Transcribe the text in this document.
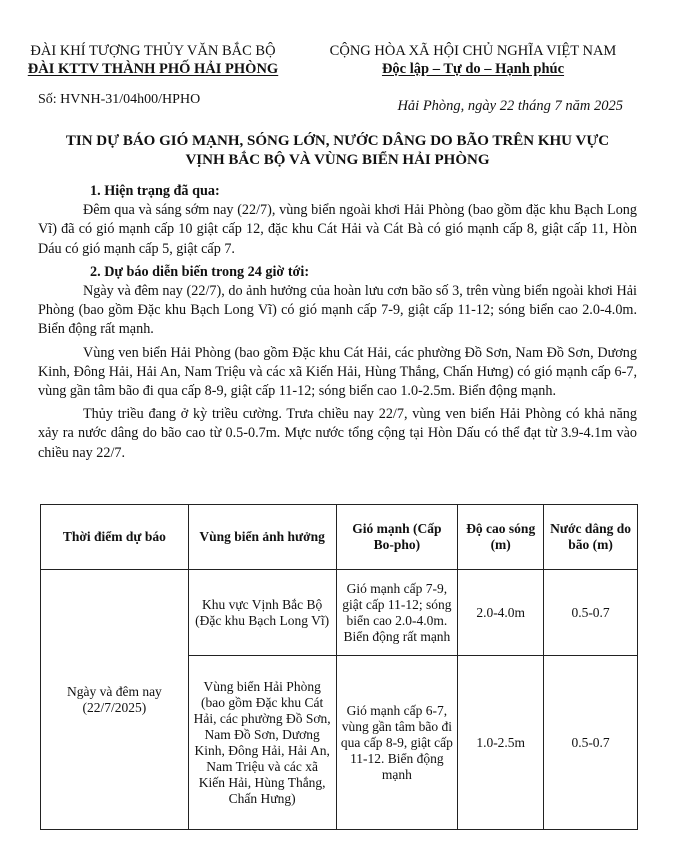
ĐÀI KHÍ TƯỢNG THỦY VĂN BẮC BỘ
ĐÀI KTTV THÀNH PHỐ HẢI PHÒNG
CỘNG HÒA XÃ HỘI CHỦ NGHĨA VIỆT NAM
Độc lập – Tự do – Hạnh phúc
Số: HVNH-31/04h00/HPHO	Hải Phòng, ngày 22 tháng 7 năm 2025
TIN DỰ BÁO GIÓ MẠNH, SÓNG LỚN, NƯỚC DÂNG DO BÃO TRÊN KHU VỰC
VỊNH BẮC BỘ VÀ VÙNG BIỂN HẢI PHÒNG
1. Hiện trạng đã qua:

Đêm qua và sáng sớm nay (22/7), vùng biển ngoài khơi Hải Phòng (bao gồm đặc khu Bạch Long Vĩ) đã có gió mạnh cấp 10 giật cấp 12, đặc khu Cát Hải và Cát Bà có gió mạnh cấp 8, giật cấp 11, Hòn Dáu có gió mạnh cấp 5, giật cấp 7.

2. Dự báo diễn biến trong 24 giờ tới:

Ngày và đêm nay (22/7), do ảnh hưởng của hoàn lưu cơn bão số 3, trên vùng biển ngoài khơi Hải Phòng (bao gồm Đặc khu Bạch Long Vĩ) có gió mạnh cấp 7-9, giật cấp 11-12; sóng biển cao 2.0-4.0m. Biển động rất mạnh.

Vùng ven biển Hải Phòng (bao gồm Đặc khu Cát Hải, các phường Đồ Sơn, Nam Đồ Sơn, Dương Kinh, Đông Hải, Hải An, Nam Triệu và các xã Kiến Hải, Hùng Thắng, Chấn Hưng) có gió mạnh cấp 6-7, vùng gần tâm bão đi qua cấp 8-9, giật cấp 11-12; sóng biển cao 1.0-2.5m. Biển động mạnh.

Thủy triều đang ở kỳ triều cường. Trưa chiều nay 22/7, vùng ven biển Hải Phòng có khả năng xảy ra nước dâng do bão cao từ 0.5-0.7m. Mực nước tổng cộng tại Hòn Dấu có thể đạt từ 3.9-4.1m vào chiều nay 22/7.

Thời điểm dự báo	Vùng biển ảnh hưởng	Gió mạnh (Cấp Bo-pho)	Độ cao sóng (m)	Nước dâng do bão (m)
Ngày và đêm nay (22/7/2025)	Khu vực Vịnh Bắc Bộ (Đặc khu Bạch Long Vĩ)	Gió mạnh cấp 7-9, giật cấp 11-12; sóng biển cao 2.0-4.0m. Biển động rất mạnh	2.0-4.0m	0.5-0.7
	Vùng biển Hải Phòng (bao gồm Đặc khu Cát Hải, các phường Đồ Sơn, Nam Đồ Sơn, Dương Kinh, Đông Hải, Hải An, Nam Triệu và các xã Kiến Hải, Hùng Thắng, Chấn Hưng)	Gió mạnh cấp 6-7, vùng gần tâm bão đi qua cấp 8-9, giật cấp 11-12. Biển động mạnh	1.0-2.5m	0.5-0.7
